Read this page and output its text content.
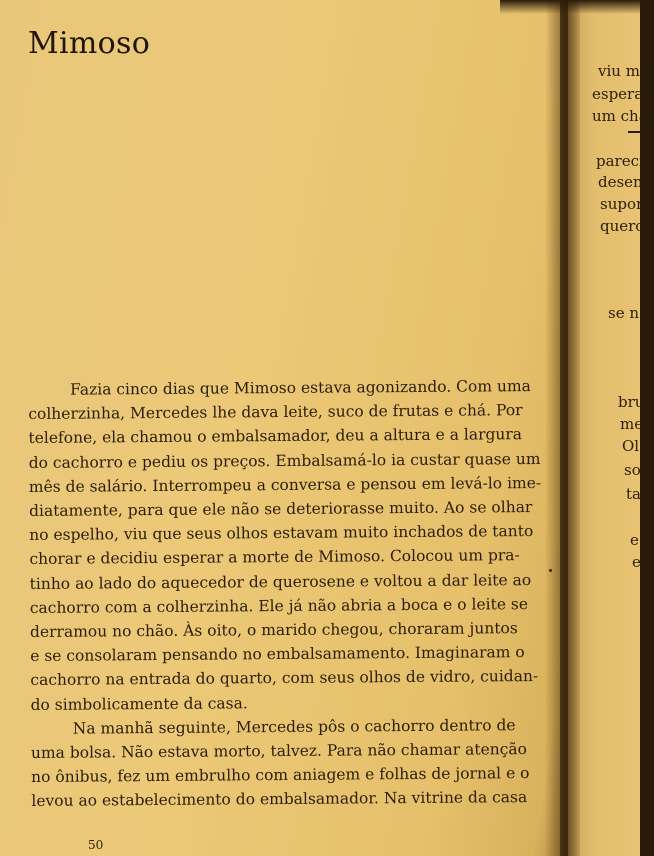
Mimoso
Fazia cinco dias que Mimoso estava agonizando. Com uma
colherzinha, Mercedes lhe dava leite, suco de frutas e chá. Por
telefone, ela chamou o embalsamador, deu a altura e a largura
do cachorro e pediu os preços. Embalsamá-lo ia custar quase um
mês de salário. Interrompeu a conversa e pensou em levá-lo ime-
diatamente, para que ele não se deteriorasse muito. Ao se olhar
no espelho, viu que seus olhos estavam muito inchados de tanto
chorar e decidiu esperar a morte de Mimoso. Colocou um pra-
tinho ao lado do aquecedor de querosene e voltou a dar leite ao
cachorro com a colherzinha. Ele já não abria a boca e o leite se
derramou no chão. Às oito, o marido chegou, choraram juntos
e se consolaram pensando no embalsamamento. Imaginaram o
cachorro na entrada do quarto, com seus olhos de vidro, cuidan-
do simbolicamente da casa.
Na manhã seguinte, Mercedes pôs o cachorro dentro de
uma bolsa. Não estava morto, talvez. Para não chamar atenção
no ônibus, fez um embrulho com aniagem e folhas de jornal e o
levou ao estabelecimento do embalsamador. Na vitrine da casa
50
viu mui
esperar
um cha
pareci
desen
supor
quero
se n
bru
me
Ol
so
ta
e
e
